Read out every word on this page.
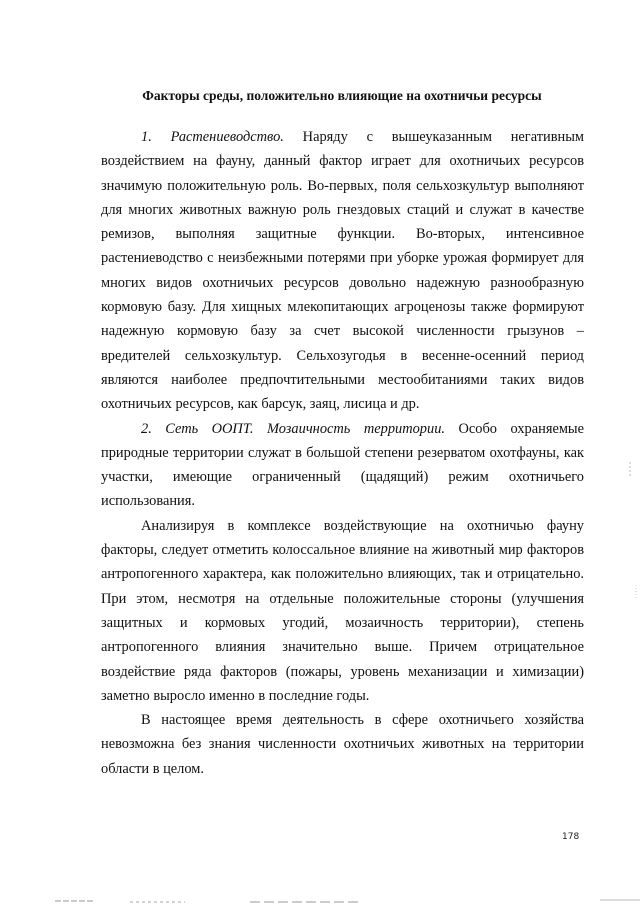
Факторы среды, положительно влияющие на охотничьи ресурсы

1. Растениеводство. Наряду с вышеуказанным негативным воздействием на фауну, данный фактор играет для охотничьих ресурсов значимую положительную роль. Во-первых, поля сельхозкультур выполняют для многих животных важную роль гнездовых стаций и служат в качестве ремизов, выполняя защитные функции. Во-вторых, интенсивное растениеводство с неизбежными потерями при уборке урожая формирует для многих видов охотничьих ресурсов довольно надежную разнообразную кормовую базу. Для хищных млекопитающих агроценозы также формируют надежную кормовую базу за счет высокой численности грызунов – вредителей сельхозкультур. Сельхозугодья в весенне-осенний период являются наиболее предпочтительными местообитаниями таких видов охотничьих ресурсов, как барсук, заяц, лисица и др.

2. Сеть ООПТ. Мозаичность территории. Особо охраняемые природные территории служат в большой степени резерватом охотфауны, как участки, имеющие ограниченный (щадящий) режим охотничьего использования.

Анализируя в комплексе воздействующие на охотничью фауну факторы, следует отметить колоссальное влияние на животный мир факторов антропогенного характера, как положительно влияющих, так и отрицательно. При этом, несмотря на отдельные положительные стороны (улучшения защитных и кормовых угодий, мозаичность территории), степень антропогенного влияния значительно выше. Причем отрицательное воздействие ряда факторов (пожары, уровень механизации и химизации) заметно выросло именно в последние годы.

В настоящее время деятельность в сфере охотничьего хозяйства невозможна без знания численности охотничьих животных на территории области в целом.

178
